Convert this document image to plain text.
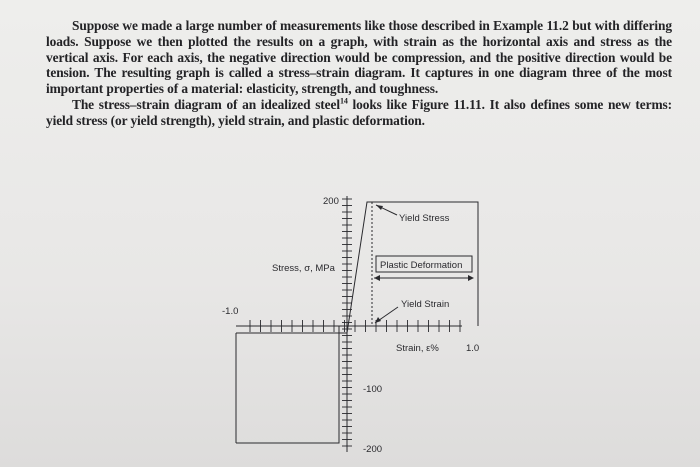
Suppose we made a large number of measurements like those described in Example 11.2 but with differing loads. Suppose we then plotted the results on a graph, with strain as the horizontal axis and stress as the vertical axis. For each axis, the negative direction would be compression, and the positive direction would be tension. The resulting graph is called a stress–strain diagram. It captures in one diagram three of the most important properties of a material: elasticity, strength, and toughness.

The stress–strain diagram of an idealized steel$^{14}$ looks like Figure 11.11. It also defines some new terms: yield stress (or yield strength), yield strain, and plastic deformation.

200
Stress, σ, MPa
-1.0
Strain, ε%	1.0
-100
-200
Yield Stress
Plastic Deformation
Yield Strain
